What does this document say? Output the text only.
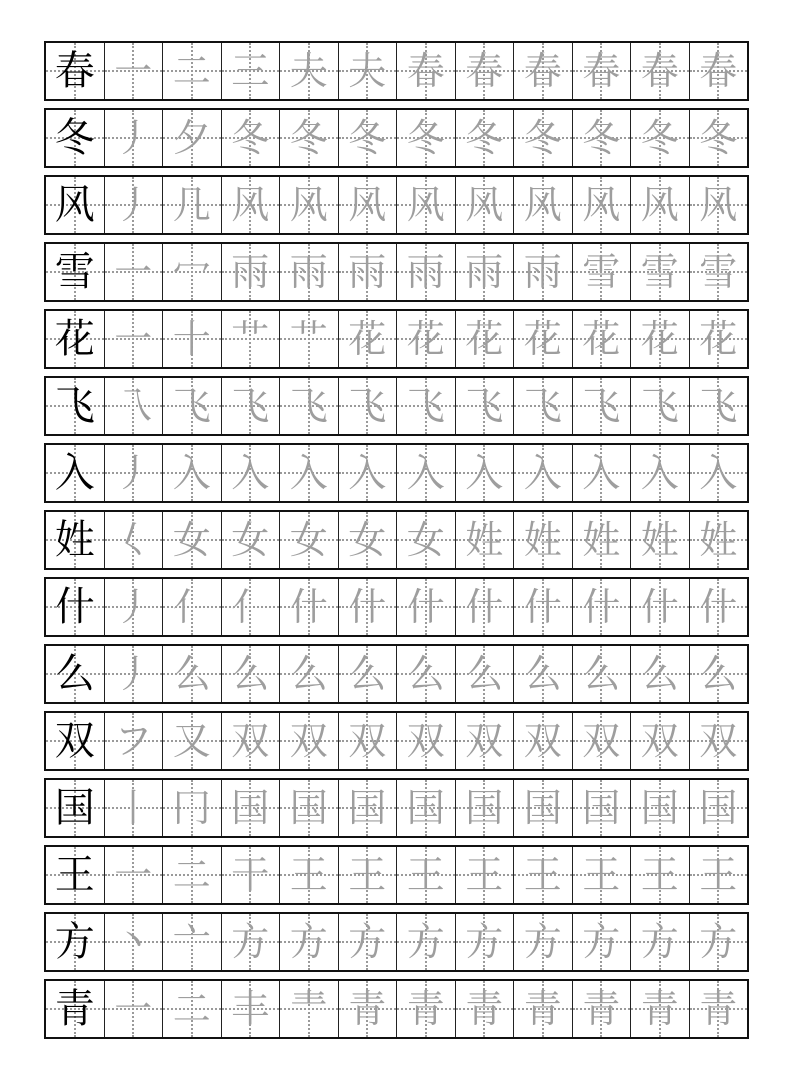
春 一 二 三 夫 夫 春 春 春 春 春 春
冬 丿 夕 冬 冬 冬 冬 冬 冬 冬 冬 冬
风 丿 几 风 风 风 风 风 风 风 风 风
雪 一 冖 雨 雨 雨 雨 雨 雨 雪 雪 雪
花 一 十 艹 艹 花 花 花 花 花 花 花
飞 乁 飞 飞 飞 飞 飞 飞 飞 飞 飞 飞
入 丿 入 入 入 入 入 入 入 入 入 入
姓 𡿨 女 女 女 女 女 姓 姓 姓 姓 姓
什 丿 亻 亻 什 什 什 什 什 什 什 什
么 丿 么 么 么 么 么 么 么 么 么 么
双 フ 又 双 双 双 双 双 双 双 双 双
国 丨 冂 国 国 国 国 国 国 国 国 国
王 一 二 干 王 王 王 王 王 王 王 王
方 丶 亠 方 方 方 方 方 方 方 方 方
青 一 二 丰 龶 青 青 青 青 青 青 青
